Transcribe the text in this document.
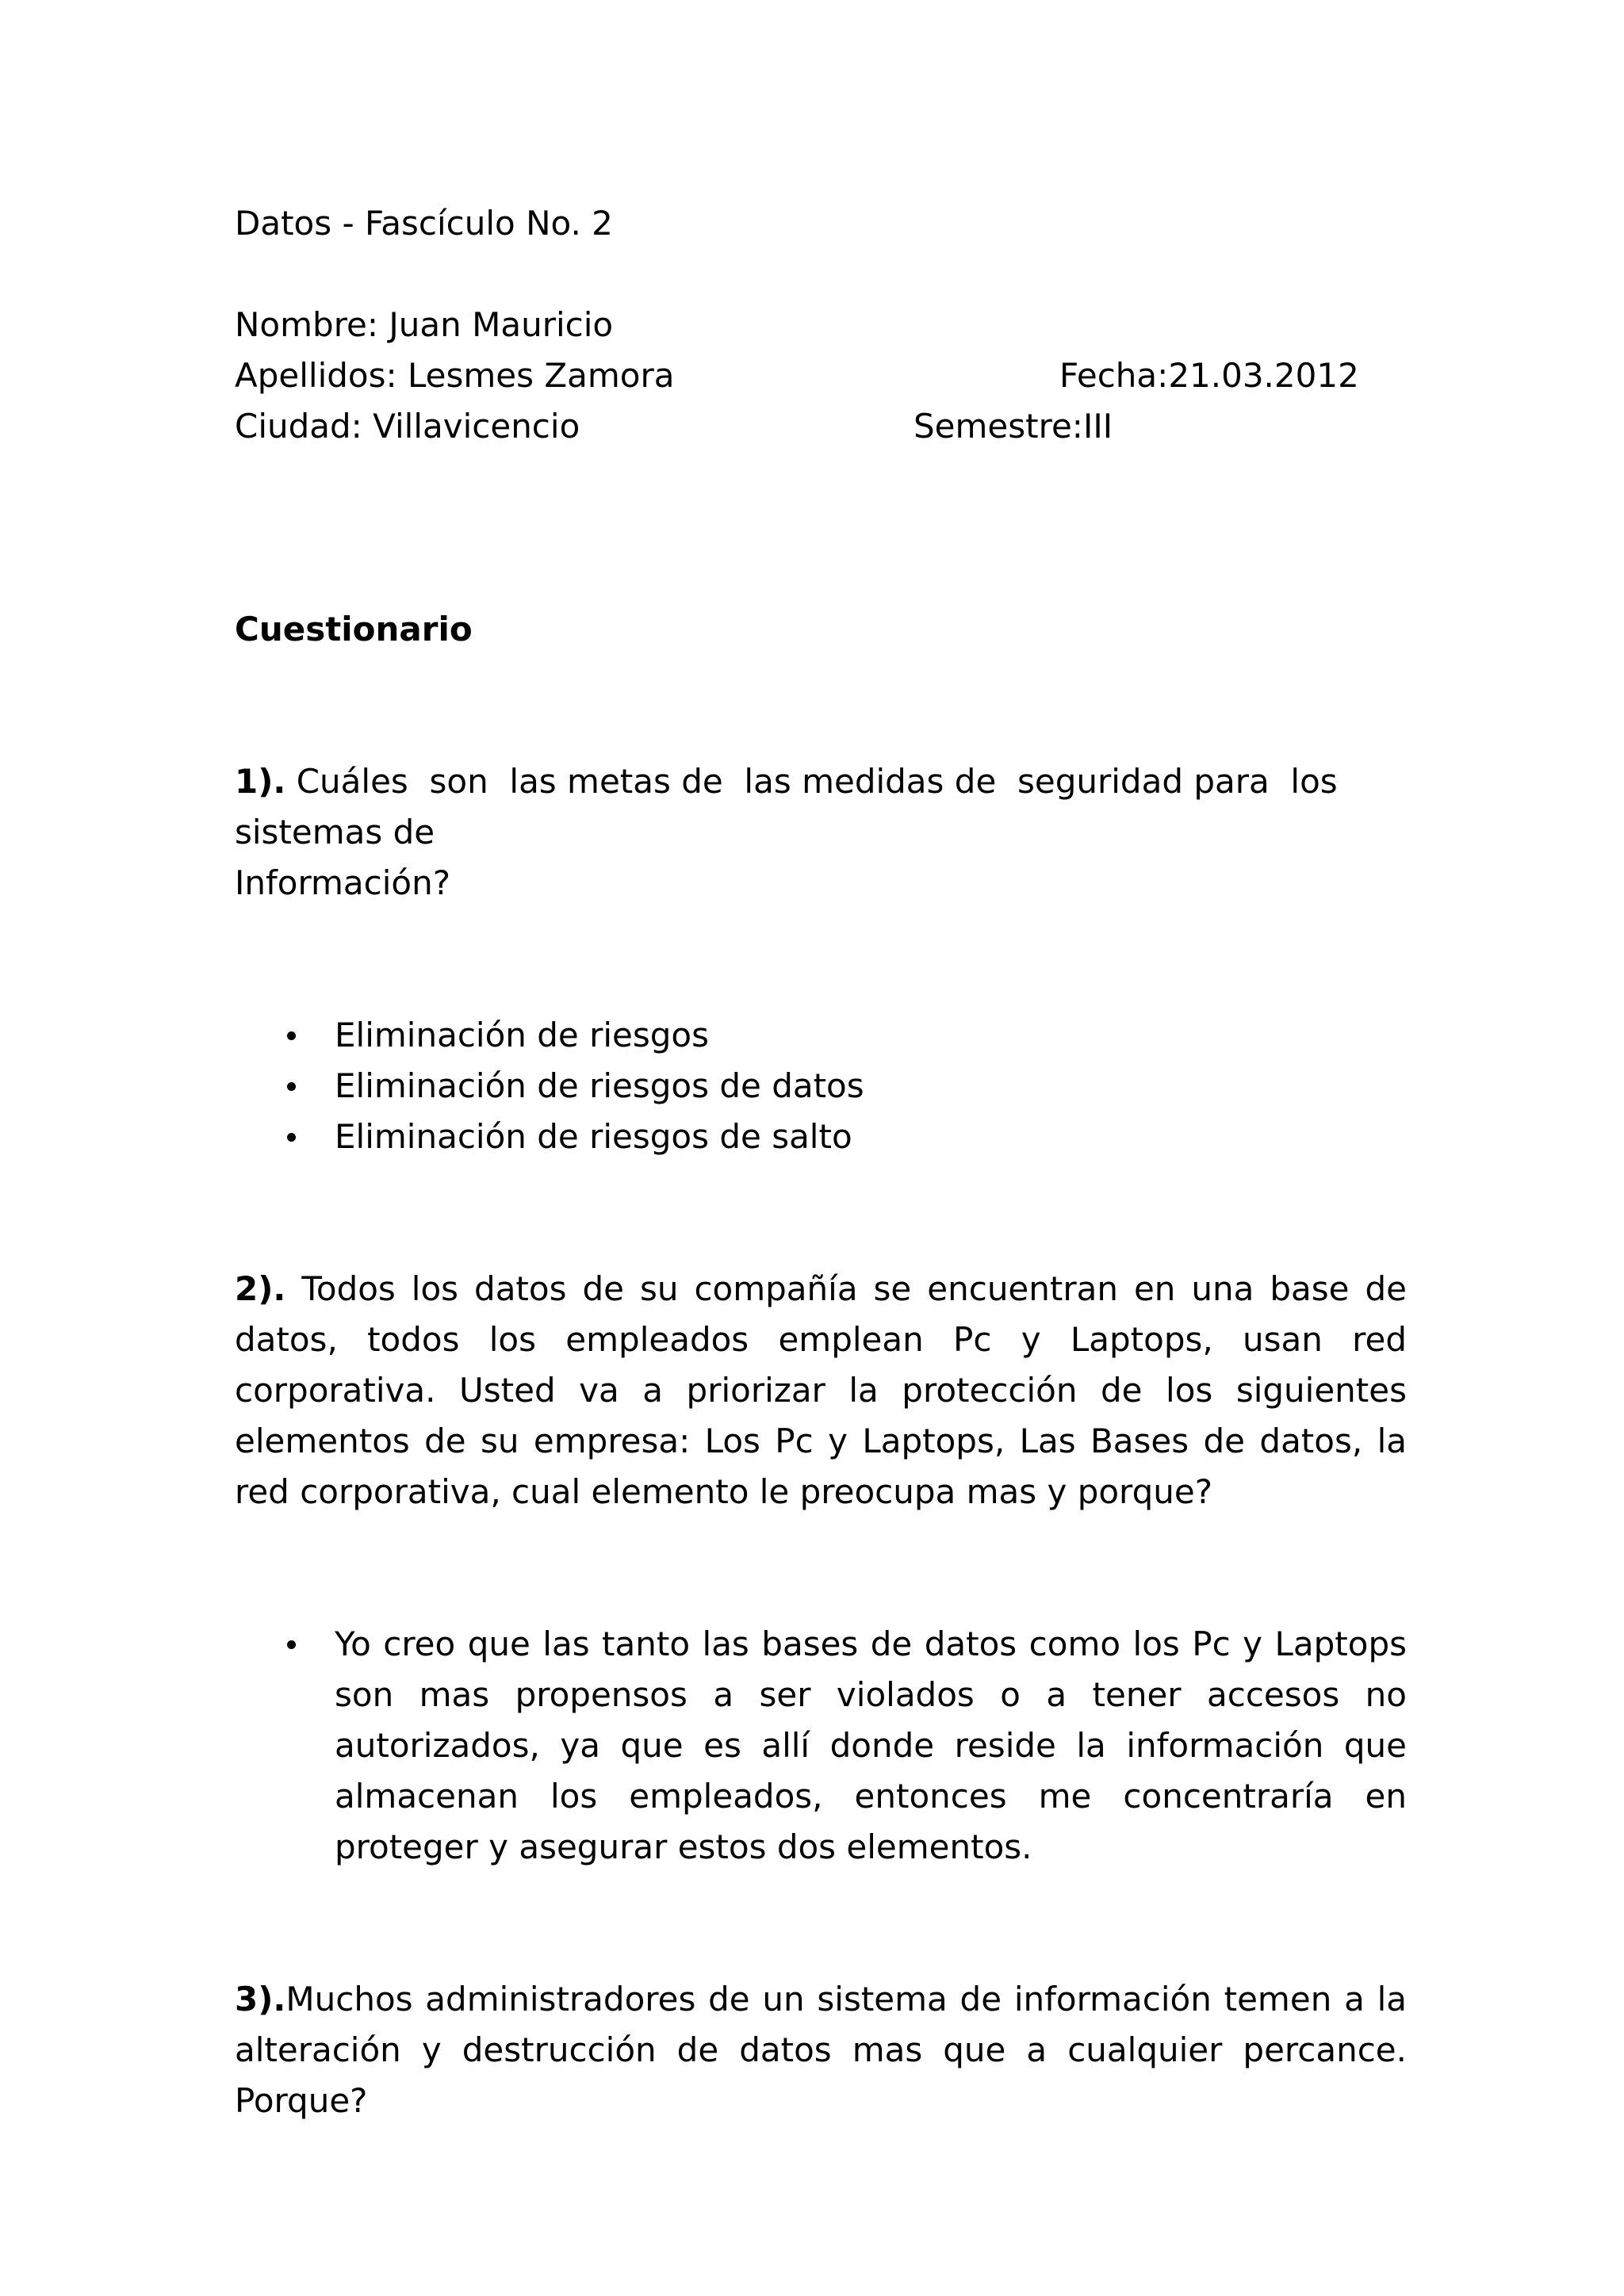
Datos - Fascículo No. 2
Nombre: Juan Mauricio
Apellidos: Lesmes Zamora	Fecha:21.03.2012
Ciudad: Villavicencio	Semestre:III
Cuestionario
1). Cuáles  son  las metas de  las medidas de  seguridad para  los
sistemas de
Información?
Eliminación de riesgos
Eliminación de riesgos de datos
Eliminación de riesgos de salto
2). Todos los datos de su compañía se encuentran en una base de datos, todos los empleados emplean Pc y Laptops, usan red corporativa. Usted va a priorizar la protección de los siguientes elementos de su empresa: Los Pc y Laptops, Las Bases de datos, la red corporativa, cual elemento le preocupa mas y porque?
Yo creo que las tanto las bases de datos como los Pc y Laptops son mas propensos a ser violados o a tener accesos no autorizados, ya que es allí donde reside la información que almacenan los empleados, entonces me concentraría en proteger y asegurar estos dos elementos.
3).Muchos administradores de un sistema de información temen a la alteración y destrucción de datos mas que a cualquier percance. Porque?
